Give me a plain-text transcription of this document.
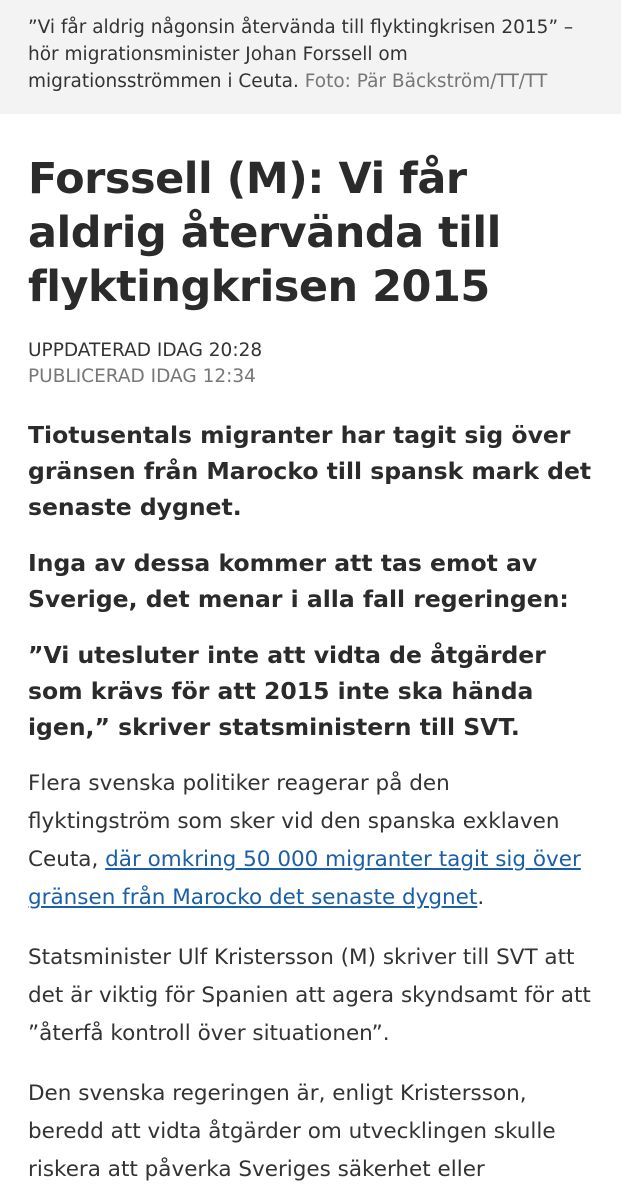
”Vi får aldrig någonsin återvända till flyktingkrisen 2015” – hör migrationsminister Johan Forssell om migrationsströmmen i Ceuta. Foto: Pär Bäckström/TT/TT
Forssell (M): Vi får aldrig återvända till flyktingkrisen 2015
UPPDATERAD IDAG 20:28
PUBLICERAD IDAG 12:34

Tiotusentals migranter har tagit sig över gränsen från Marocko till spansk mark det senaste dygnet.

Inga av dessa kommer att tas emot av Sverige, det menar i alla fall regeringen:

”Vi utesluter inte att vidta de åtgärder som krävs för att 2015 inte ska hända igen,” skriver statsministern till SVT.

Flera svenska politiker reagerar på den flyktingström som sker vid den spanska exklaven Ceuta, där omkring 50 000 migranter tagit sig över gränsen från Marocko det senaste dygnet.

Statsminister Ulf Kristersson (M) skriver till SVT att det är viktig för Spanien att agera skyndsamt för att ”återfå kontroll över situationen”.

Den svenska regeringen är, enligt Kristersson, beredd att vidta åtgärder om utvecklingen skulle riskera att påverka Sveriges säkerhet eller
